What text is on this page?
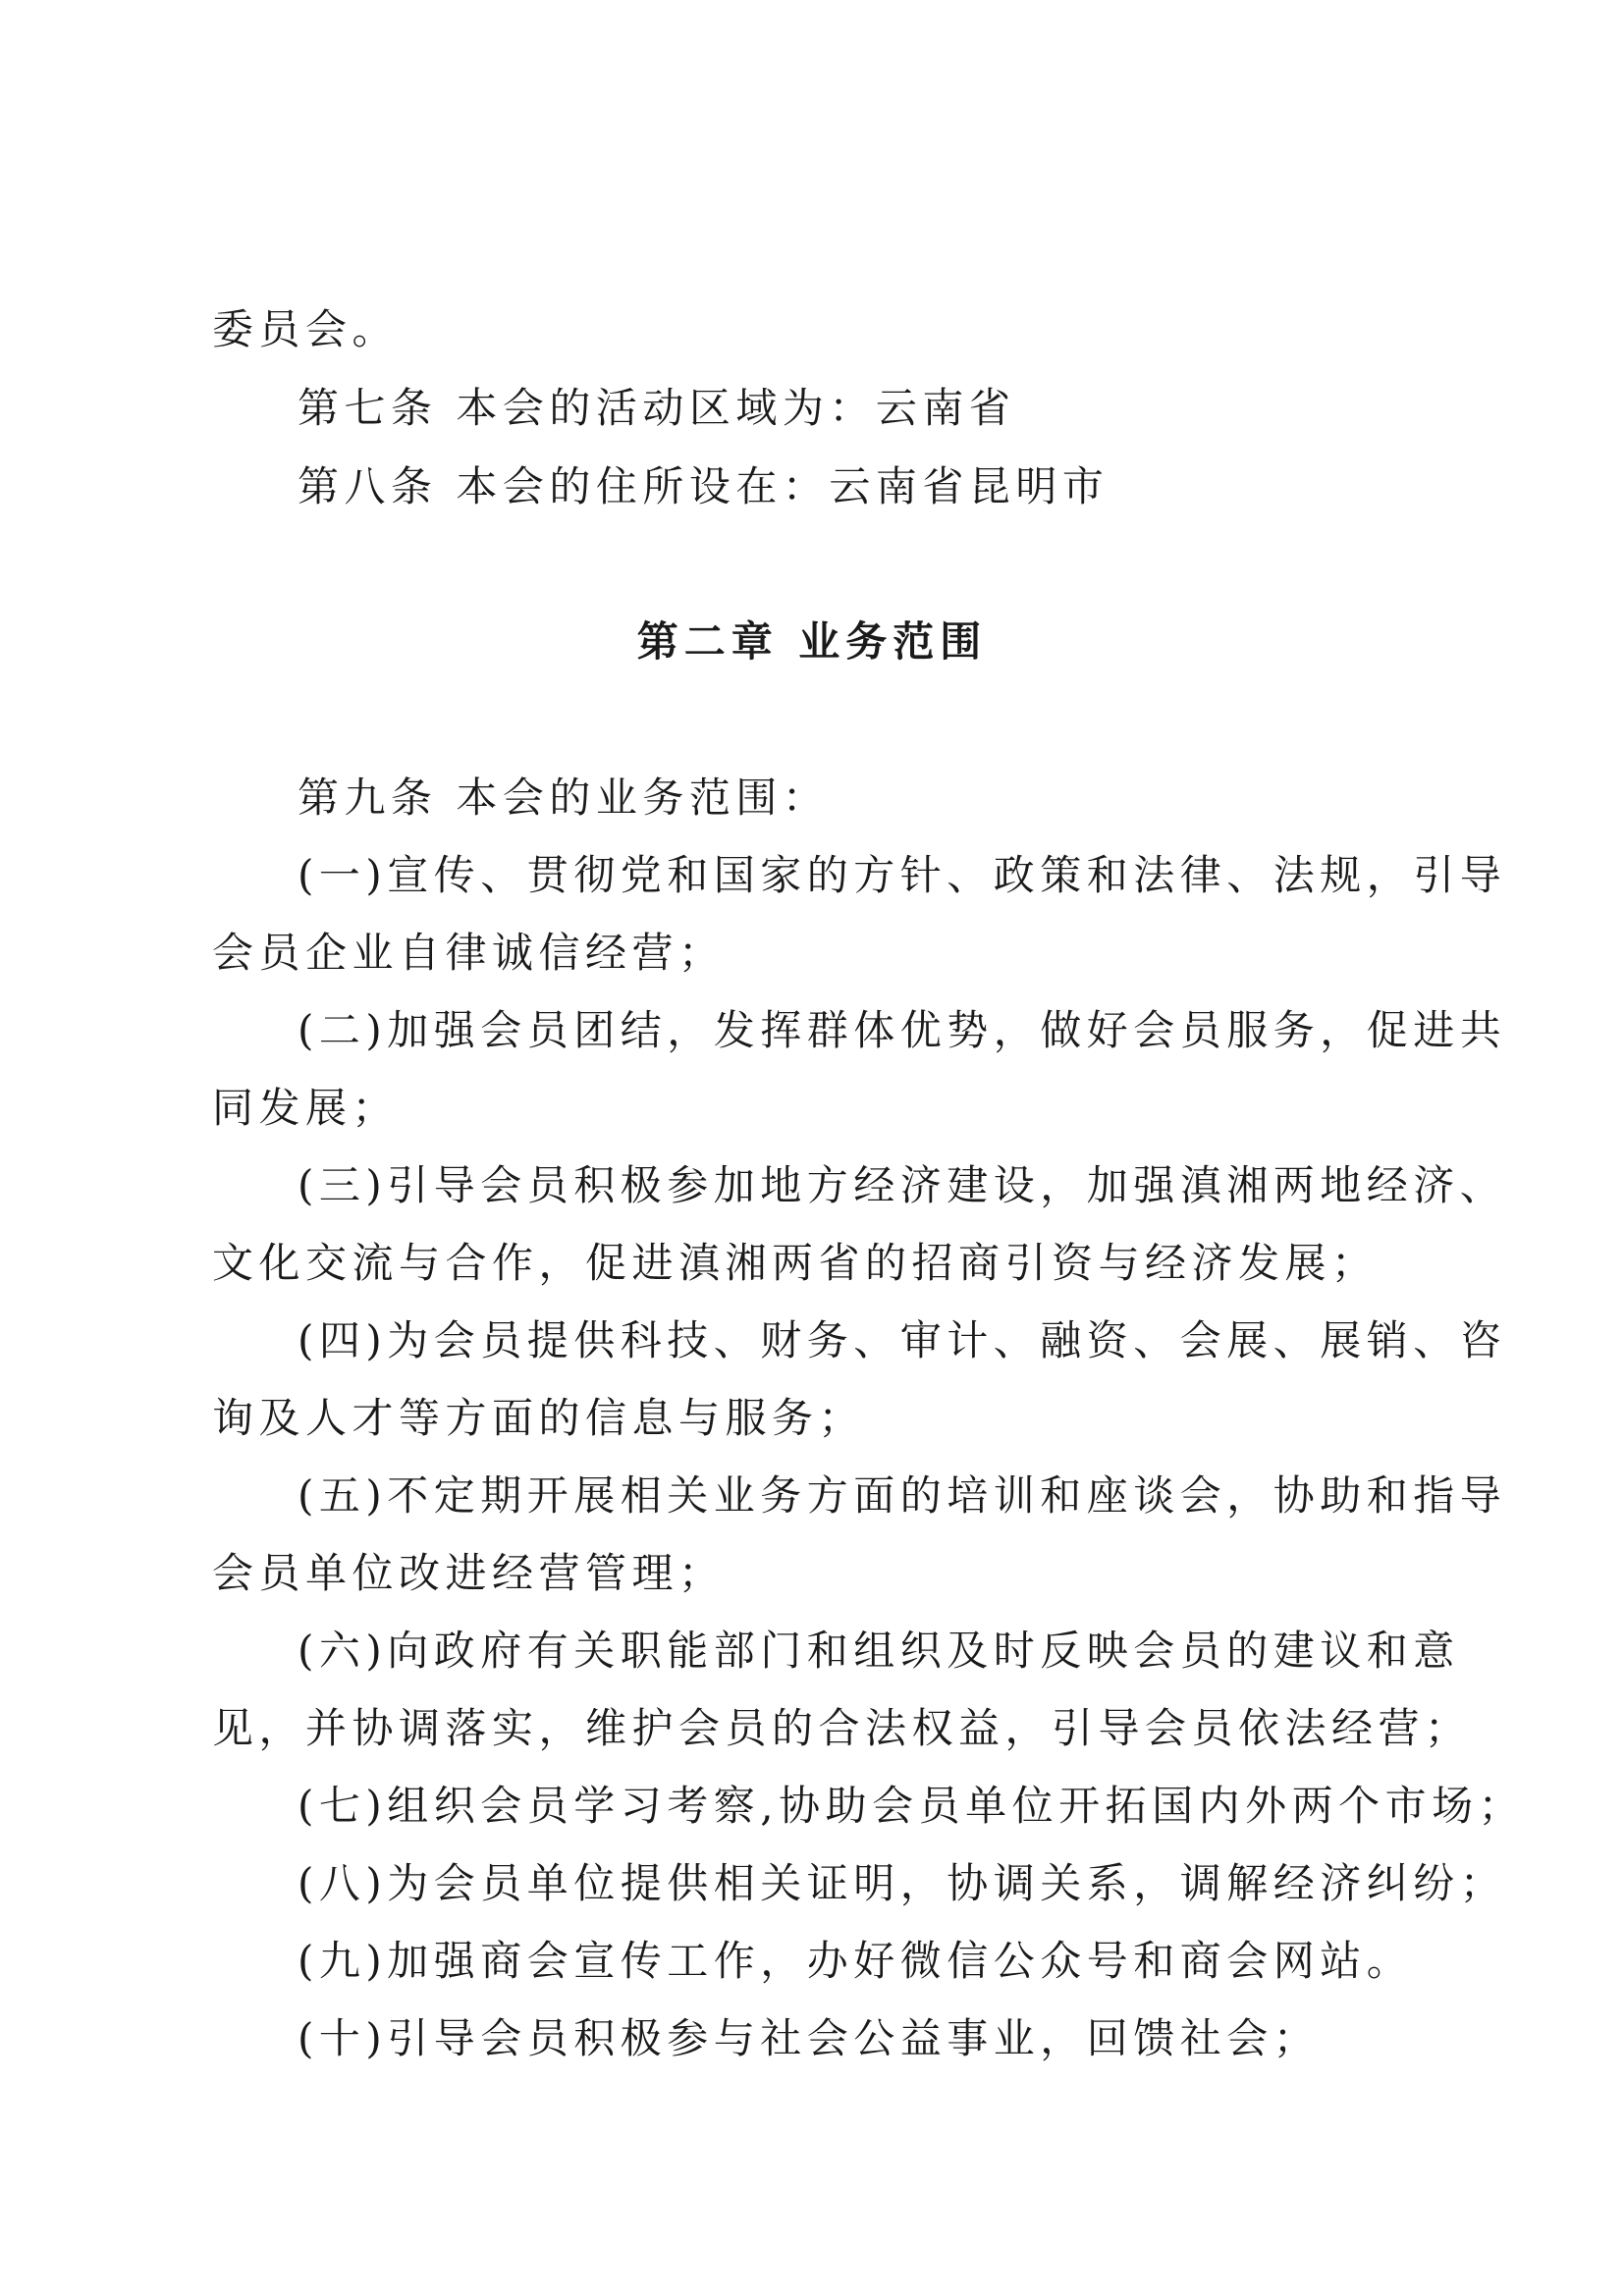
委员会。
第七条 本会的活动区域为：云南省
第八条 本会的住所设在：云南省昆明市
第二章 业务范围
第九条 本会的业务范围：
(一)宣传、贯彻党和国家的方针、政策和法律、法规，引导
会员企业自律诚信经营；
(二)加强会员团结，发挥群体优势，做好会员服务，促进共
同发展；
(三)引导会员积极参加地方经济建设，加强滇湘两地经济、
文化交流与合作，促进滇湘两省的招商引资与经济发展；
(四)为会员提供科技、财务、审计、融资、会展、展销、咨
询及人才等方面的信息与服务；
(五)不定期开展相关业务方面的培训和座谈会，协助和指导
会员单位改进经营管理；
(六)向政府有关职能部门和组织及时反映会员的建议和意
见，并协调落实，维护会员的合法权益，引导会员依法经营；
(七)组织会员学习考察,协助会员单位开拓国内外两个市场；
(八)为会员单位提供相关证明，协调关系，调解经济纠纷；
(九)加强商会宣传工作，办好微信公众号和商会网站。
(十)引导会员积极参与社会公益事业，回馈社会；
